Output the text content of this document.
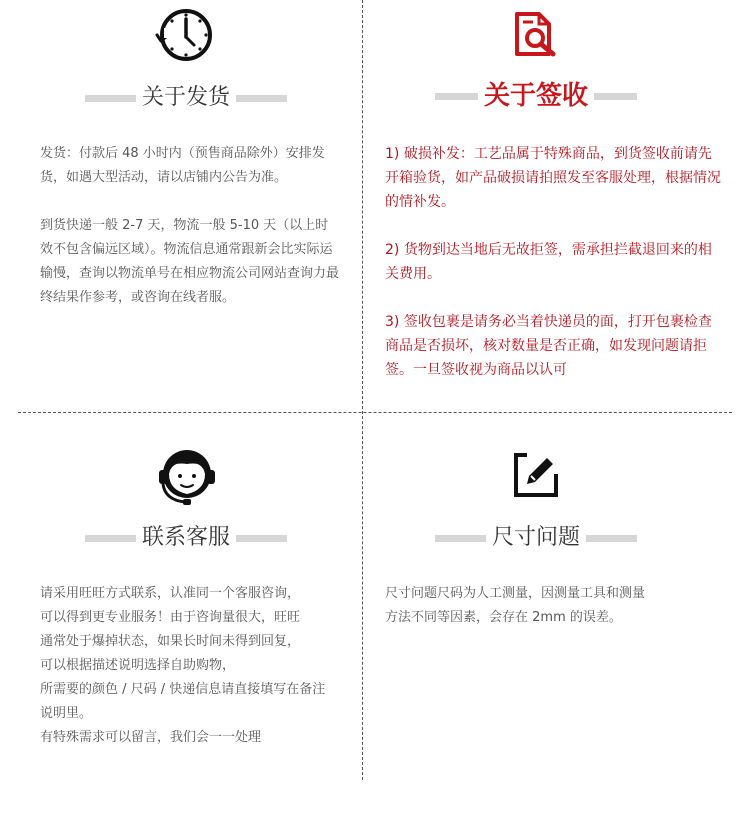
关于发货

发货：付款后 48 小时内（预售商品除外）安排发货，如遇大型活动，请以店铺内公告为准。

到货快递一般 2-7 天，物流一般 5-10 天（以上时效不包含偏远区域）。物流信息通常跟新会比实际运输慢，查询以物流单号在相应物流公司网站查询力最终结果作参考，或咨询在线者服。

关于签收

1) 破损补发：工艺品属于特殊商品，到货签收前请先开箱验货，如产品破损请拍照发至客服处理，根据情况的情补发。

2) 货物到达当地后无故拒签，需承担拦截退回来的相关费用。

3) 签收包裹是请务必当着快递员的面，打开包裹检查商品是否损坏，核对数量是否正确，如发现问题请拒签。一旦签收视为商品以认可

联系客服

请采用旺旺方式联系，认准同一个客服咨询，

可以得到更专业服务！由于咨询量很大，旺旺

通常处于爆掉状态，如果长时间未得到回复，

可以根据描述说明选择自助购物，

所需要的颜色 / 尺码 / 快递信息请直接填写在备注说明里。

有特殊需求可以留言，我们会一一处理

尺寸问题

尺寸问题尺码为人工测量，因测量工具和测量

方法不同等因素，会存在 2mm 的误差。
